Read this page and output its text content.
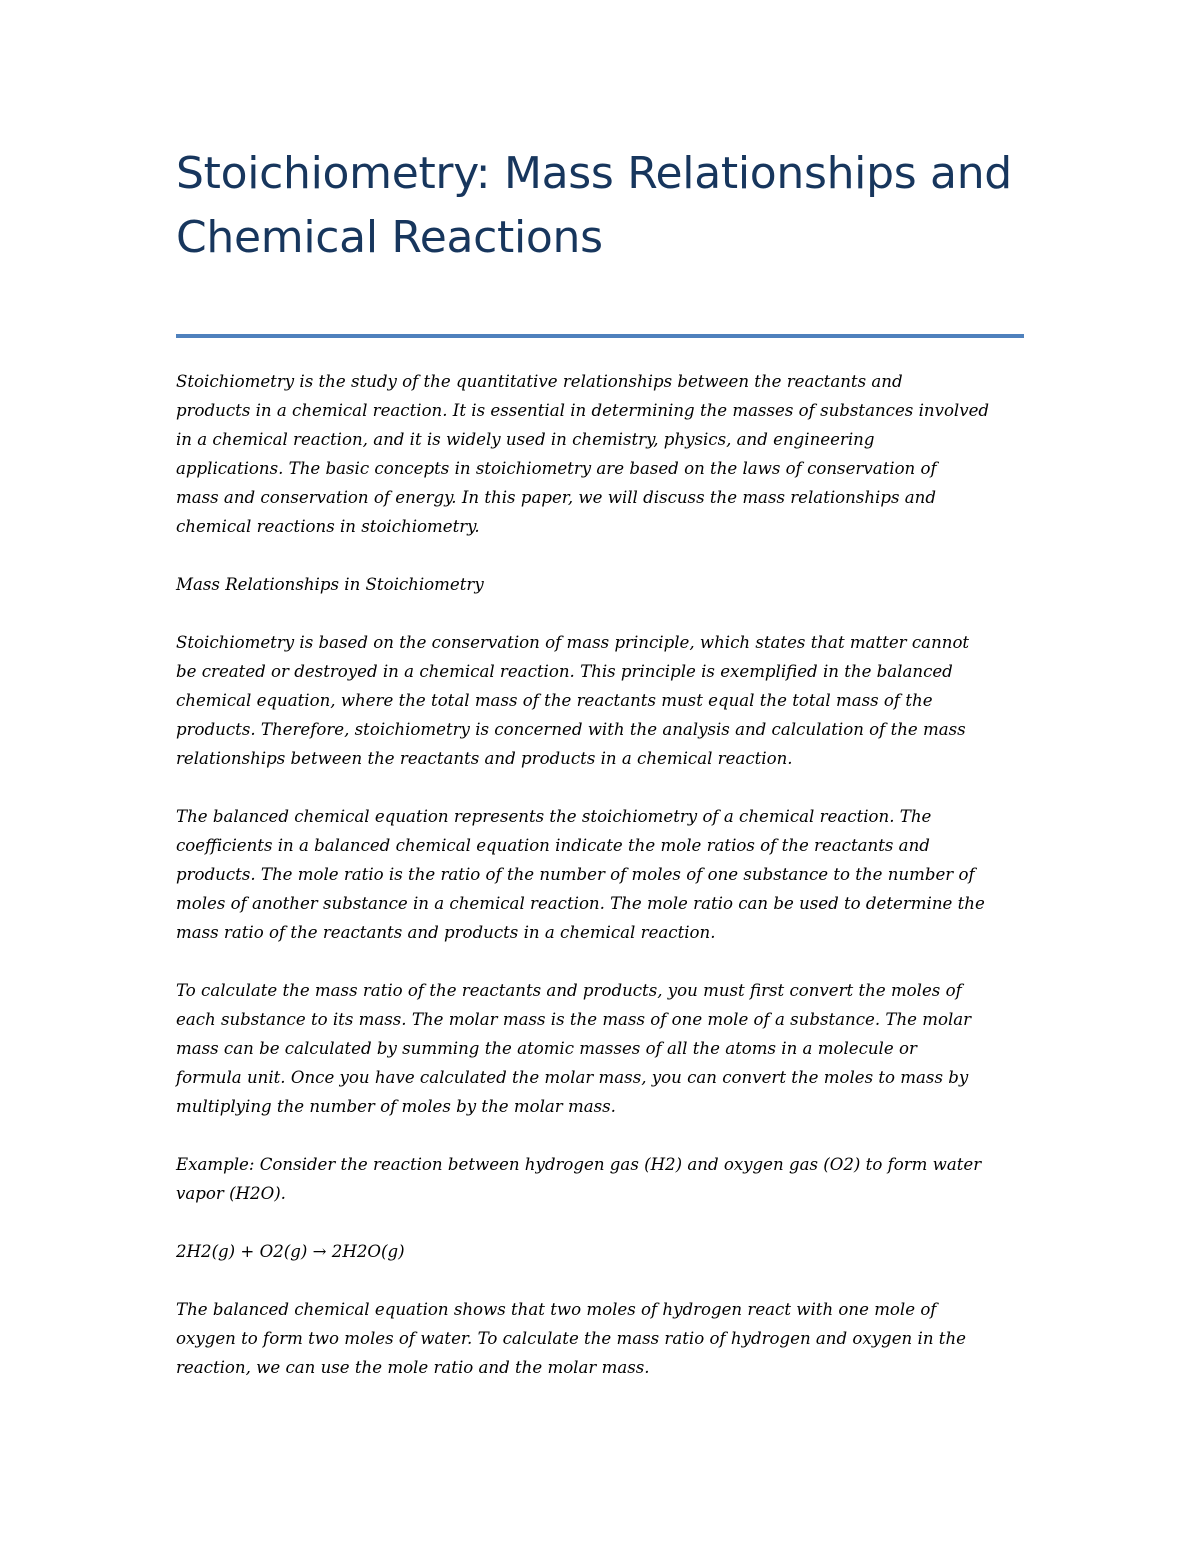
Stoichiometry: Mass Relationships and Chemical Reactions

Stoichiometry is the study of the quantitative relationships between the reactants and
products in a chemical reaction. It is essential in determining the masses of substances involved
in a chemical reaction, and it is widely used in chemistry, physics, and engineering
applications. The basic concepts in stoichiometry are based on the laws of conservation of
mass and conservation of energy. In this paper, we will discuss the mass relationships and
chemical reactions in stoichiometry.

Mass Relationships in Stoichiometry

Stoichiometry is based on the conservation of mass principle, which states that matter cannot
be created or destroyed in a chemical reaction. This principle is exemplified in the balanced
chemical equation, where the total mass of the reactants must equal the total mass of the
products. Therefore, stoichiometry is concerned with the analysis and calculation of the mass
relationships between the reactants and products in a chemical reaction.

The balanced chemical equation represents the stoichiometry of a chemical reaction. The
coefficients in a balanced chemical equation indicate the mole ratios of the reactants and
products. The mole ratio is the ratio of the number of moles of one substance to the number of
moles of another substance in a chemical reaction. The mole ratio can be used to determine the
mass ratio of the reactants and products in a chemical reaction.

To calculate the mass ratio of the reactants and products, you must first convert the moles of
each substance to its mass. The molar mass is the mass of one mole of a substance. The molar
mass can be calculated by summing the atomic masses of all the atoms in a molecule or
formula unit. Once you have calculated the molar mass, you can convert the moles to mass by
multiplying the number of moles by the molar mass.

Example: Consider the reaction between hydrogen gas (H2) and oxygen gas (O2) to form water
vapor (H2O).

2H2(g) + O2(g) → 2H2O(g)

The balanced chemical equation shows that two moles of hydrogen react with one mole of
oxygen to form two moles of water. To calculate the mass ratio of hydrogen and oxygen in the
reaction, we can use the mole ratio and the molar mass.
